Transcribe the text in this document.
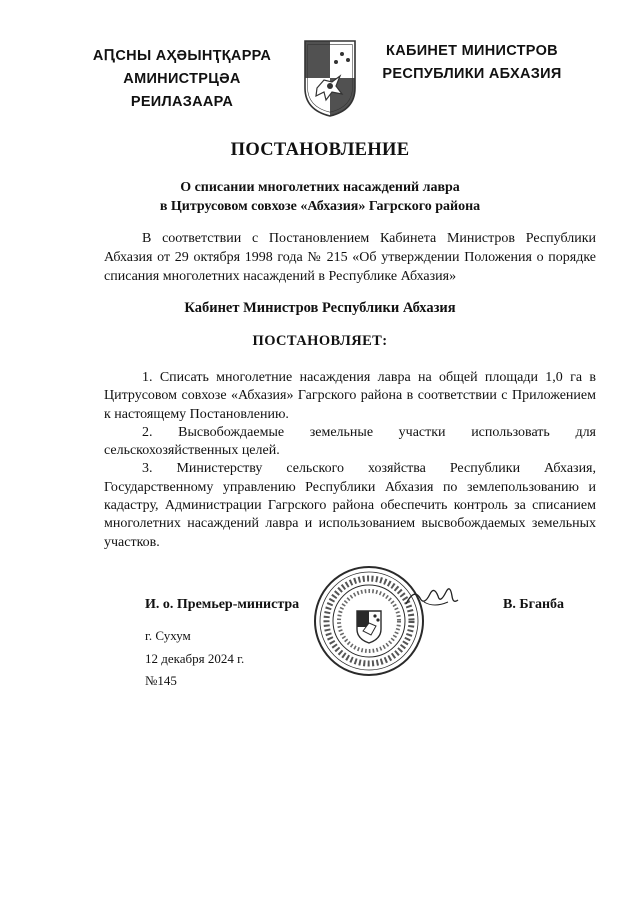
АԤСНЫ АҲӘЫНҬҚАРРА
АМИНИСТРЦӘА РЕИЛАЗААРА
КАБИНЕТ МИНИСТРОВ
РЕСПУБЛИКИ АБХАЗИЯ
ПОСТАНОВЛЕНИЕ
О списании многолетних насаждений лавра
в Цитрусовом совхозе «Абхазия» Гагрского района

В соответствии с Постановлением Кабинета Министров Республики Абхазия от 29 октября 1998 года № 215 «Об утверждении Положения о порядке списания многолетних насаждений в Республике Абхазия»

Кабинет Министров Республики Абхазия
ПОСТАНОВЛЯЕТ:

1. Списать многолетние насаждения лавра на общей площади 1,0 га в Цитрусовом совхозе «Абхазия» Гагрского района в соответствии с Приложением к настоящему Постановлению.

2. Высвобождаемые земельные участки использовать для сельскохозяйственных целей.

3. Министерству сельского хозяйства Республики Абхазия, Государственному управлению Республики Абхазия по землепользованию и кадастру, Администрации Гагрского района обеспечить контроль за списанием многолетних насаждений лавра и использованием высвобождаемых земельных участков.

И. о. Премьер-министра	В. Бганба
г. Сухум
12 декабря 2024 г.
№145
